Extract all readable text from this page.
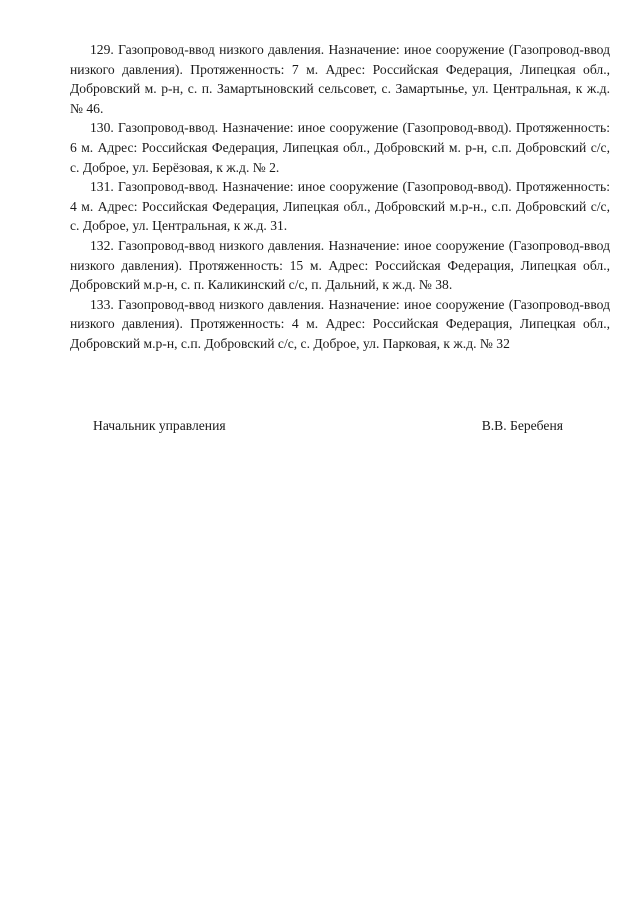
129. Газопровод-ввод низкого давления. Назначение: иное сооружение (Газопровод-ввод низкого давления). Протяженность: 7 м. Адрес: Российская Федерация, Липецкая обл., Добровский м. р-н, с. п. Замартыновский сельсовет, с. Замартынье, ул. Центральная, к ж.д. № 46.

130. Газопровод-ввод. Назначение: иное сооружение (Газопровод-ввод). Протяженность: 6 м. Адрес: Российская Федерация, Липецкая обл., Добровский м. р-н, с.п. Добровский с/с, с. Доброе, ул. Берёзовая, к ж.д. № 2.

131. Газопровод-ввод. Назначение: иное сооружение (Газопровод-ввод). Протяженность: 4 м. Адрес: Российская Федерация, Липецкая обл., Добровский м.р-н., с.п. Добровский с/с, с. Доброе, ул. Центральная, к ж.д. 31.

132. Газопровод-ввод низкого давления. Назначение: иное сооружение (Газопровод-ввод низкого давления). Протяженность: 15 м. Адрес: Российская Федерация, Липецкая обл., Добровский м.р-н, с. п. Каликинский с/с, п. Дальний, к ж.д. № 38.

133. Газопровод-ввод низкого давления. Назначение: иное сооружение (Газопровод-ввод низкого давления). Протяженность: 4 м. Адрес: Российская Федерация, Липецкая обл., Добровский м.р-н, с.п. Добровский с/с, с. Доброе, ул. Парковая, к ж.д. № 32

Начальник управления	В.В. Беребеня
